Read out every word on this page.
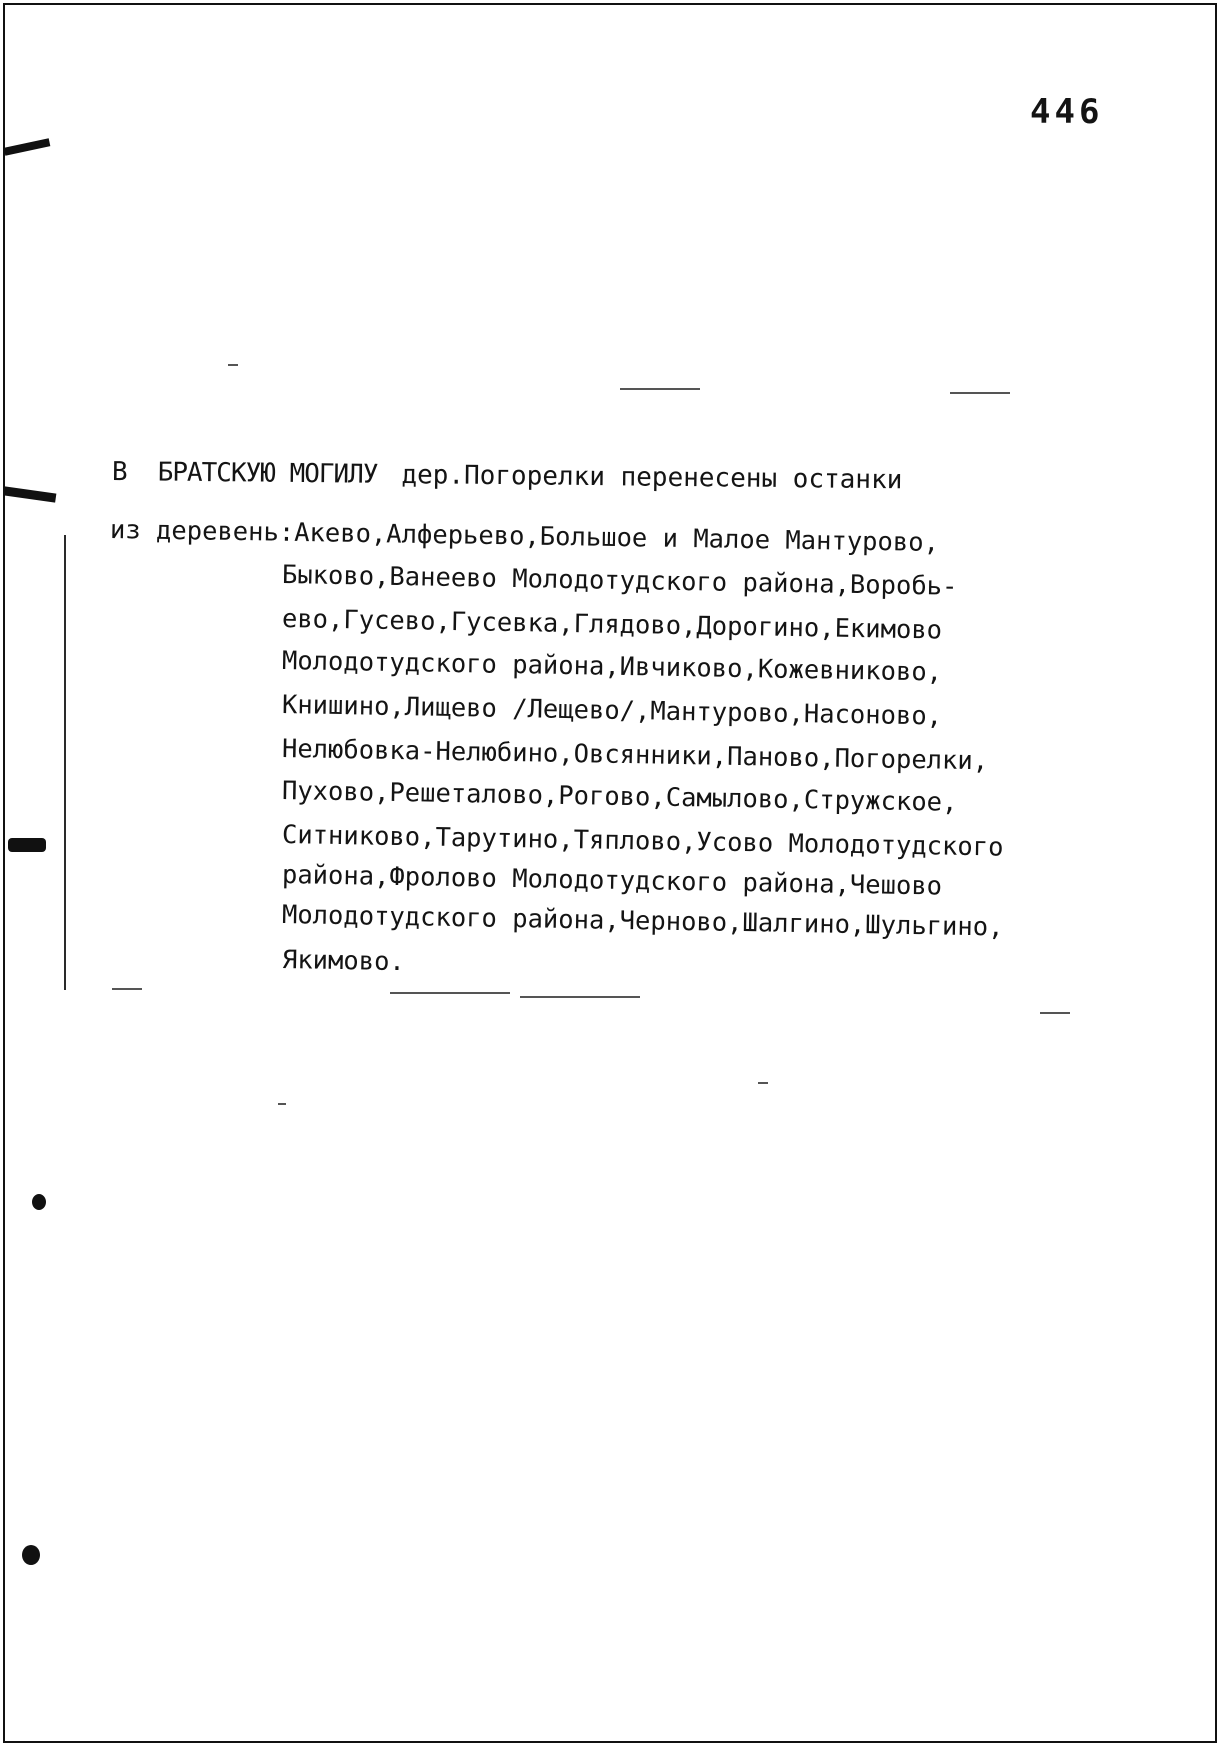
446
В БРАТСКУЮ МОГИЛУ дер.Погорелки перенесены останки
из деревень:Акево,Алферьево,Большое и Малое Мантурово,
Быково,Ванеево Молодотудского района,Воробь-
ево,Гусево,Гусевка,Глядово,Дорогино,Екимово
Молодотудского района,Ивчиково,Кожевниково,
Книшино,Лищево /Лещево/,Мантурово,Насоново,
Нелюбовка-Нелюбино,Овсянники,Паново,Погорелки,
Пухово,Решеталово,Рогово,Самылово,Стружское,
Ситниково,Тарутино,Тяплово,Усово Молодотудского
района,Фролово Молодотудского района,Чешово
Молодотудского района,Черново,Шалгино,Шульгино,
Якимово.
